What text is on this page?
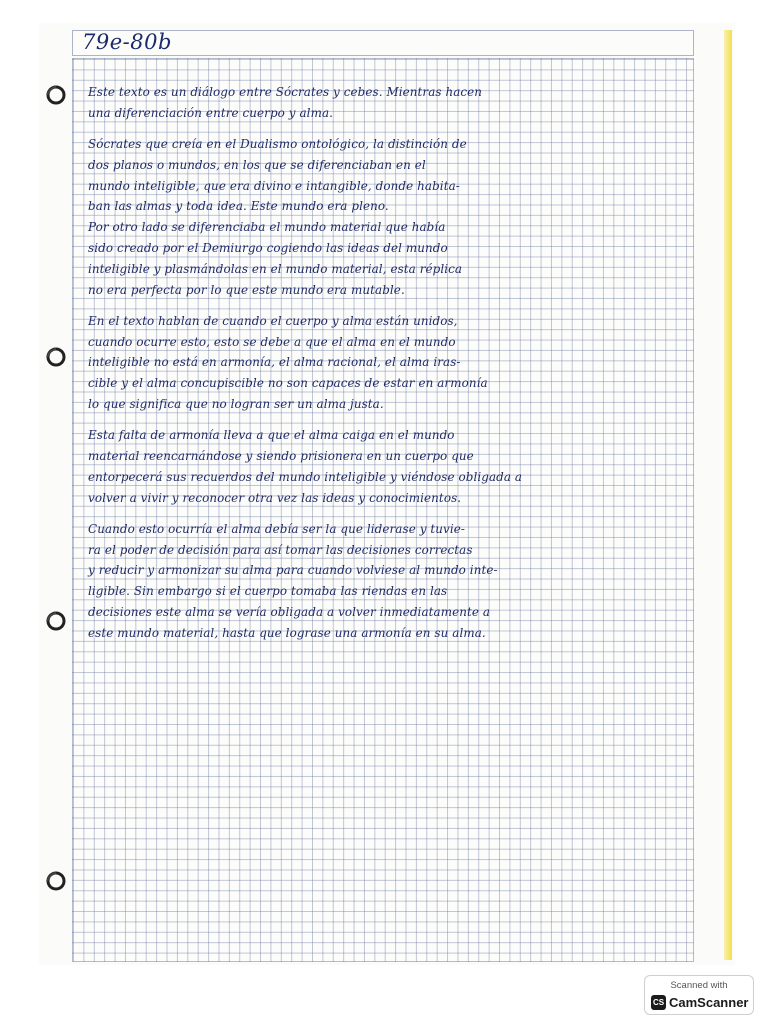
79e-80b

Este texto es un diálogo entre Sócrates y cebes. Mientras hacen
una diferenciación entre cuerpo y alma.

Sócrates que creía en el Dualismo ontológico, la distinción de
dos planos o mundos, en los que se diferenciaban en el
mundo inteligible, que era divino e intangible, donde habita-
ban las almas y toda idea. Este mundo era pleno.
Por otro lado se diferenciaba el mundo material que había
sido creado por el Demiurgo cogiendo las ideas del mundo
inteligible y plasmándolas en el mundo material, esta réplica
no era perfecta por lo que este mundo era mutable.

En el texto hablan de cuando el cuerpo y alma están unidos,
cuando ocurre esto, esto se debe a que el alma en el mundo
inteligible no está en armonía, el alma racional, el alma iras-
cible y el alma concupiscible no son capaces de estar en armonía
lo que significa que no logran ser un alma justa.

Esta falta de armonía lleva a que el alma caiga en el mundo
material reencarnándose y siendo prisionera en un cuerpo que
entorpecerá sus recuerdos del mundo inteligible y viéndose obligada a
volver a vivir y reconocer otra vez las ideas y conocimientos.

Cuando esto ocurría el alma debía ser la que liderase y tuvie-
ra el poder de decisión para así tomar las decisiones correctas
y reducir y armonizar su alma para cuando volviese al mundo inte-
ligible. Sin embargo si el cuerpo tomaba las riendas en las
decisiones este alma se vería obligada a volver inmediatamente a
este mundo material, hasta que lograse una armonía en su alma.

Scanned with
CS CamScanner
